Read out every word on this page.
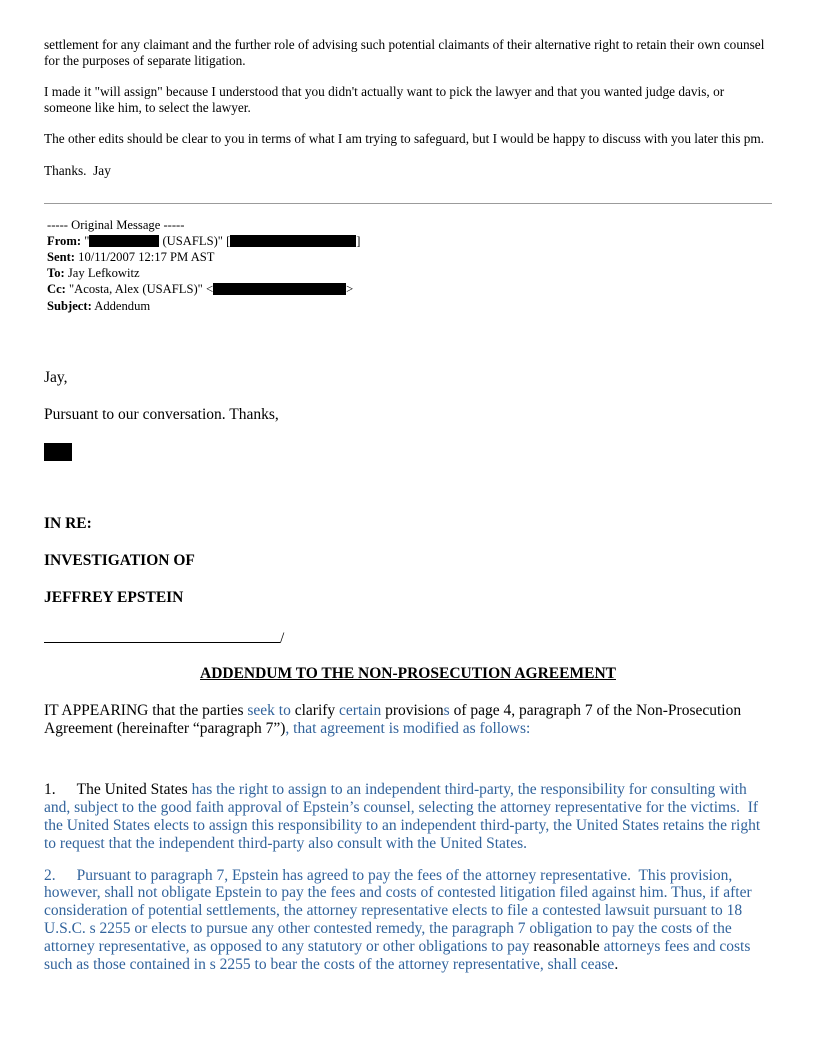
settlement for any claimant and the further role of advising such potential claimants of their alternative right to retain their own counsel for the purposes of separate litigation.

I made it "will assign" because I understood that you didn't actually want to pick the lawyer and that you wanted judge davis, or someone like him, to select the lawyer.

The other edits should be clear to you in terms of what I am trying to safeguard, but I would be happy to discuss with you later this pm.

Thanks.  Jay

----- Original Message -----
From: "	(USAFLS)" [	]
Sent: 10/11/2007 12:17 PM AST
To: Jay Lefkowitz
Cc: "Acosta, Alex (USAFLS)" <	>
Subject: Addendum

Jay,

Pursuant to our conversation. Thanks,

IN RE:

INVESTIGATION OF

JEFFREY EPSTEIN

/

ADDENDUM TO THE NON-PROSECUTION AGREEMENT

IT APPEARING that the parties seek to clarify certain provisions of page 4, paragraph 7 of the Non-Prosecution Agreement (hereinafter “paragraph 7”), that agreement is modified as follows:

1. The United States has the right to assign to an independent third-party, the responsibility for consulting with and, subject to the good faith approval of Epstein’s counsel, selecting the attorney representative for the victims.  If the United States elects to assign this responsibility to an independent third-party, the United States retains the right to request that the independent third-party also consult with the United States.

2. Pursuant to paragraph 7, Epstein has agreed to pay the fees of the attorney representative.  This provision, however, shall not obligate Epstein to pay the fees and costs of contested litigation filed against him. Thus, if after consideration of potential settlements, the attorney representative elects to file a contested lawsuit pursuant to 18 U.S.C. s 2255 or elects to pursue any other contested remedy, the paragraph 7 obligation to pay the costs of the attorney representative, as opposed to any statutory or other obligations to pay reasonable attorneys fees and costs such as those contained in s 2255 to bear the costs of the attorney representative, shall cease.
